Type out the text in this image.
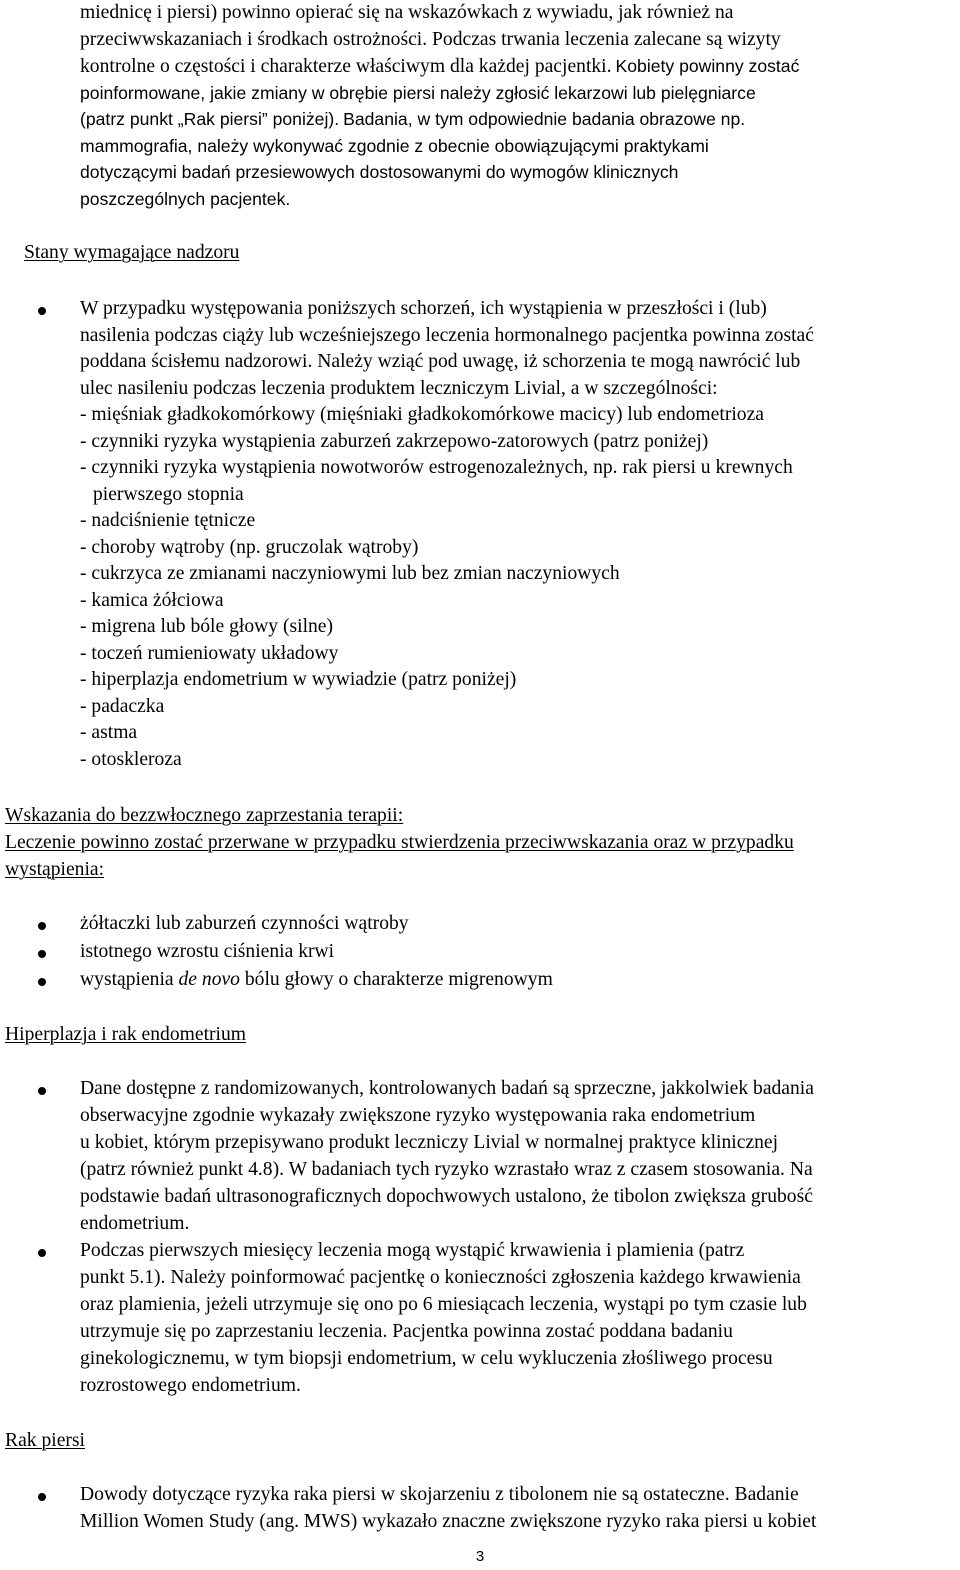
miednicę i piersi) powinno opierać się na wskazówkach z wywiadu, jak również na
przeciwwskazaniach i środkach ostrożności. Podczas trwania leczenia zalecane są wizyty
kontrolne o częstości i charakterze właściwym dla każdej pacjentki. Kobiety powinny zostać
poinformowane, jakie zmiany w obrębie piersi należy zgłosić lekarzowi lub pielęgniarce
(patrz punkt „Rak piersi” poniżej). Badania, w tym odpowiednie badania obrazowe np.
mammografia, należy wykonywać zgodnie z obecnie obowiązującymi praktykami
dotyczącymi badań przesiewowych dostosowanymi do wymogów klinicznych
poszczególnych pacjentek.
Stany wymagające nadzoru
W przypadku występowania poniższych schorzeń, ich wystąpienia w przeszłości i (lub)
nasilenia podczas ciąży lub wcześniejszego leczenia hormonalnego pacjentka powinna zostać
poddana ścisłemu nadzorowi. Należy wziąć pod uwagę, iż schorzenia te mogą nawrócić lub
ulec nasileniu podczas leczenia produktem leczniczym Livial, a w szczególności:
- mięśniak gładkokomórkowy (mięśniaki gładkokomórkowe macicy) lub endometrioza
- czynniki ryzyka wystąpienia zaburzeń zakrzepowo-zatorowych (patrz poniżej)
- czynniki ryzyka wystąpienia nowotworów estrogenozależnych, np. rak piersi u krewnych
pierwszego stopnia
- nadciśnienie tętnicze
- choroby wątroby (np. gruczolak wątroby)
- cukrzyca ze zmianami naczyniowymi lub bez zmian naczyniowych
- kamica żółciowa
- migrena lub bóle głowy (silne)
- toczeń rumieniowaty układowy
- hiperplazja endometrium w wywiadzie (patrz poniżej)
- padaczka
- astma
- otoskleroza
Wskazania do bezzwłocznego zaprzestania terapii:
Leczenie powinno zostać przerwane w przypadku stwierdzenia przeciwwskazania oraz w przypadku
wystąpienia:
żółtaczki lub zaburzeń czynności wątroby
istotnego wzrostu ciśnienia krwi
wystąpienia de novo bólu głowy o charakterze migrenowym
Hiperplazja i rak endometrium
Dane dostępne z randomizowanych, kontrolowanych badań są sprzeczne, jakkolwiek badania
obserwacyjne zgodnie wykazały zwiększone ryzyko występowania raka endometrium
u kobiet, którym przepisywano produkt leczniczy Livial w normalnej praktyce klinicznej
(patrz również punkt 4.8). W badaniach tych ryzyko wzrastało wraz z czasem stosowania. Na
podstawie badań ultrasonograficznych dopochwowych ustalono, że tibolon zwiększa grubość
endometrium.
Podczas pierwszych miesięcy leczenia mogą wystąpić krwawienia i plamienia (patrz
punkt 5.1). Należy poinformować pacjentkę o konieczności zgłoszenia każdego krwawienia
oraz plamienia, jeżeli utrzymuje się ono po 6 miesiącach leczenia, wystąpi po tym czasie lub
utrzymuje się po zaprzestaniu leczenia. Pacjentka powinna zostać poddana badaniu
ginekologicznemu, w tym biopsji endometrium, w celu wykluczenia złośliwego procesu
rozrostowego endometrium.
Rak piersi
Dowody dotyczące ryzyka raka piersi w skojarzeniu z tibolonem nie są ostateczne. Badanie
Million Women Study (ang. MWS) wykazało znaczne zwiększone ryzyko raka piersi u kobiet
3
